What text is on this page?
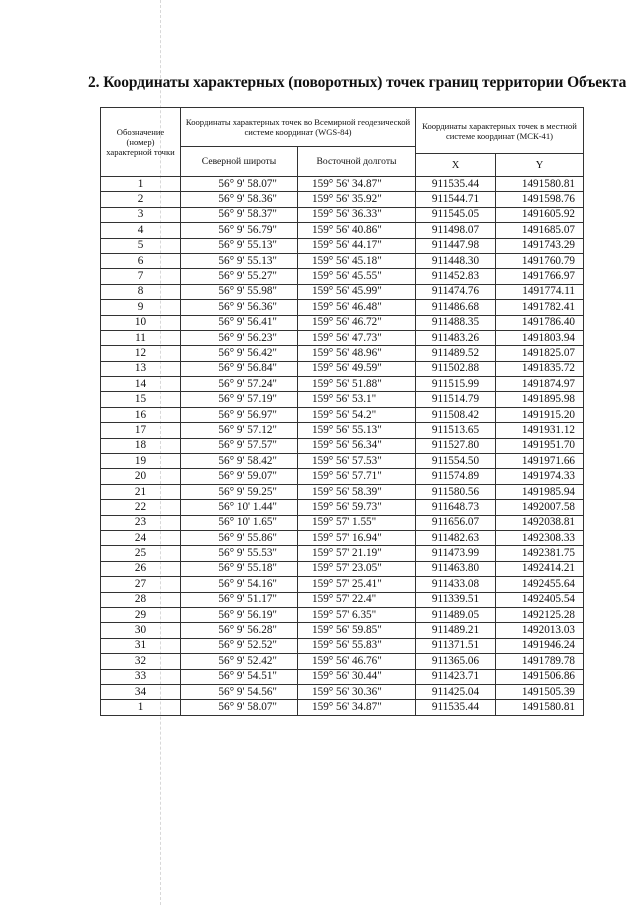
2. Координаты характерных (поворотных) точек границ территории Объекта
Обозначение (номер) характерной точки	Координаты характерных точек во Всемирной геодезической системе координат (WGS-84)		Координаты характерных точек в местной системе координат (МСК-41)	
	Северной широты	Восточной долготы		
			X	Y
1	56° 9' 58.07"	159° 56' 34.87"	911535.44	1491580.81
2	56° 9' 58.36"	159° 56' 35.92"	911544.71	1491598.76
3	56° 9' 58.37"	159° 56' 36.33"	911545.05	1491605.92
4	56° 9' 56.79"	159° 56' 40.86"	911498.07	1491685.07
5	56° 9' 55.13"	159° 56' 44.17"	911447.98	1491743.29
6	56° 9' 55.13"	159° 56' 45.18"	911448.30	1491760.79
7	56° 9' 55.27"	159° 56' 45.55"	911452.83	1491766.97
8	56° 9' 55.98"	159° 56' 45.99"	911474.76	1491774.11
9	56° 9' 56.36"	159° 56' 46.48"	911486.68	1491782.41
10	56° 9' 56.41"	159° 56' 46.72"	911488.35	1491786.40
11	56° 9' 56.23"	159° 56' 47.73"	911483.26	1491803.94
12	56° 9' 56.42"	159° 56' 48.96"	911489.52	1491825.07
13	56° 9' 56.84"	159° 56' 49.59"	911502.88	1491835.72
14	56° 9' 57.24"	159° 56' 51.88"	911515.99	1491874.97
15	56° 9' 57.19"	159° 56' 53.1"	911514.79	1491895.98
16	56° 9' 56.97"	159° 56' 54.2"	911508.42	1491915.20
17	56° 9' 57.12"	159° 56' 55.13"	911513.65	1491931.12
18	56° 9' 57.57"	159° 56' 56.34"	911527.80	1491951.70
19	56° 9' 58.42"	159° 56' 57.53"	911554.50	1491971.66
20	56° 9' 59.07"	159° 56' 57.71"	911574.89	1491974.33
21	56° 9' 59.25"	159° 56' 58.39"	911580.56	1491985.94
22	56° 10' 1.44"	159° 56' 59.73"	911648.73	1492007.58
23	56° 10' 1.65"	159° 57' 1.55"	911656.07	1492038.81
24	56° 9' 55.86"	159° 57' 16.94"	911482.63	1492308.33
25	56° 9' 55.53"	159° 57' 21.19"	911473.99	1492381.75
26	56° 9' 55.18"	159° 57' 23.05"	911463.80	1492414.21
27	56° 9' 54.16"	159° 57' 25.41"	911433.08	1492455.64
28	56° 9' 51.17"	159° 57' 22.4"	911339.51	1492405.54
29	56° 9' 56.19"	159° 57' 6.35"	911489.05	1492125.28
30	56° 9' 56.28"	159° 56' 59.85"	911489.21	1492013.03
31	56° 9' 52.52"	159° 56' 55.83"	911371.51	1491946.24
32	56° 9' 52.42"	159° 56' 46.76"	911365.06	1491789.78
33	56° 9' 54.51"	159° 56' 30.44"	911423.71	1491506.86
34	56° 9' 54.56"	159° 56' 30.36"	911425.04	1491505.39
1	56° 9' 58.07"	159° 56' 34.87"	911535.44	1491580.81
